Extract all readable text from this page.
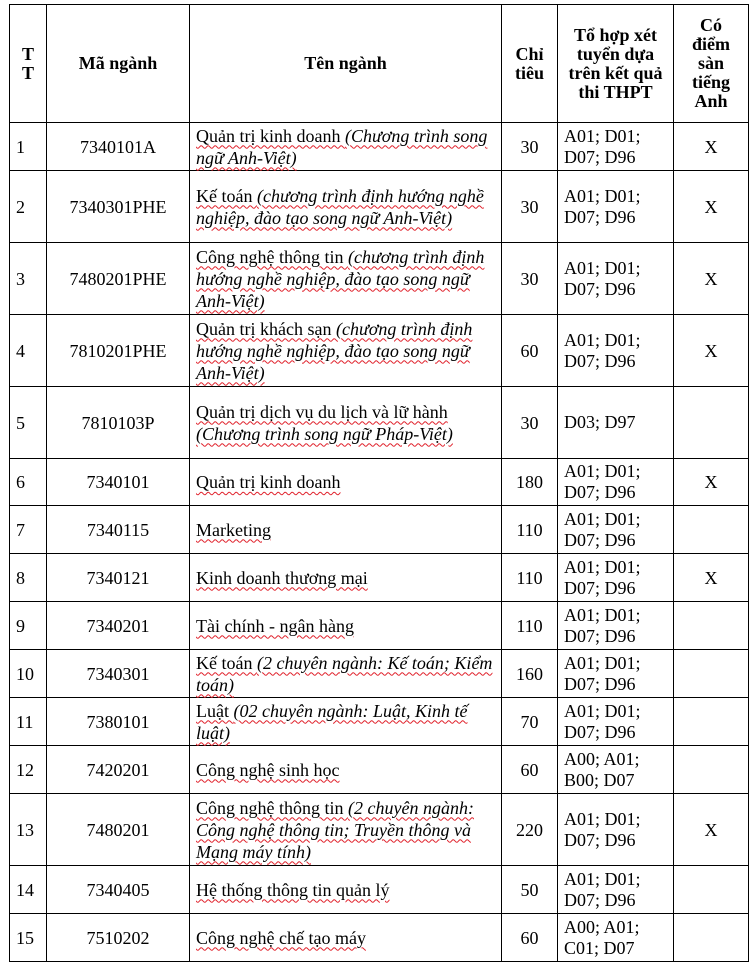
T T	Mã ngành	Tên ngành	Chỉ tiêu	Tổ hợp xét tuyển dựa trên kết quả thi THPT	Có điểm sàn tiếng Anh
1	7340101A	Quản trị kinh doanh (Chương trình song ngữ Anh-Việt)	30	A01; D01; D07; D96	X
2	7340301PHE	Kế toán (chương trình định hướng nghề nghiệp, đào tạo song ngữ Anh-Việt)	30	A01; D01; D07; D96	X
3	7480201PHE	Công nghệ thông tin (chương trình định hướng nghề nghiệp, đào tạo song ngữ Anh-Việt)	30	A01; D01; D07; D96	X
4	7810201PHE	Quản trị khách sạn (chương trình định hướng nghề nghiệp, đào tạo song ngữ Anh-Việt)	60	A01; D01; D07; D96	X
5	7810103P	Quản trị dịch vụ du lịch và lữ hành (Chương trình song ngữ Pháp-Việt)	30	D03; D97	
6	7340101	Quản trị kinh doanh	180	A01; D01; D07; D96	X
7	7340115	Marketing	110	A01; D01; D07; D96	
8	7340121	Kinh doanh thương mại	110	A01; D01; D07; D96	X
9	7340201	Tài chính - ngân hàng	110	A01; D01; D07; D96	
10	7340301	Kế toán (2 chuyên ngành: Kế toán; Kiểm toán)	160	A01; D01; D07; D96	
11	7380101	Luật (02 chuyên ngành: Luật, Kinh tế luật)	70	A01; D01; D07; D96	
12	7420201	Công nghệ sinh học	60	A00; A01; B00; D07	
13	7480201	Công nghệ thông tin (2 chuyên ngành: Công nghệ thông tin; Truyền thông và Mạng máy tính)	220	A01; D01; D07; D96	X
14	7340405	Hệ thống thông tin quản lý	50	A01; D01; D07; D96	
15	7510202	Công nghệ chế tạo máy	60	A00; A01; C01; D07	
